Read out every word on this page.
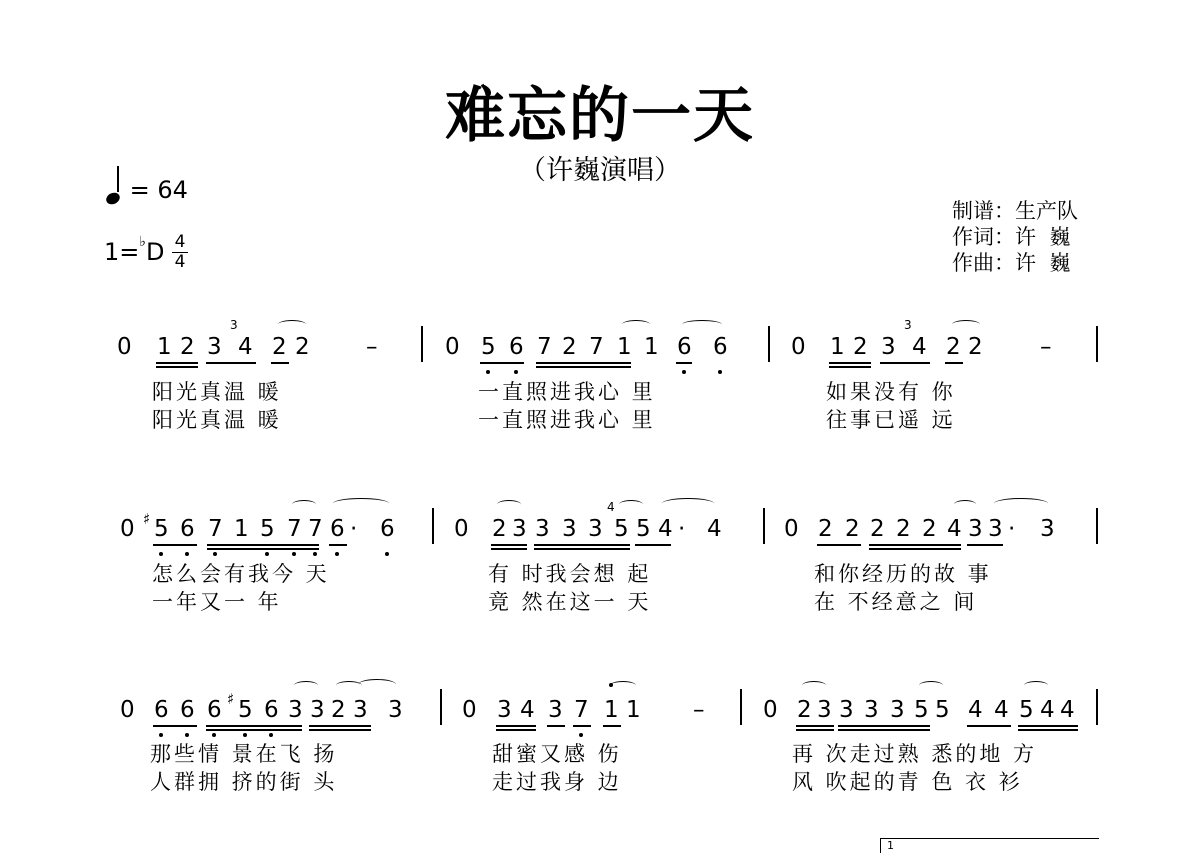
难忘的一天
（许巍演唱）
= 64
1=♭D 4
4
制谱：生产队
作词：许  巍
作曲：许  巍
0 1 2 3
3
4 2 2 –	0 5 6 7 2 7 1 1 6 6	0 1 2 3
3
4 2 2 –
阳光真温 暖	一直照进我心 里	如果没有 你
阳光真温 暖	一直照进我心 里	往事已遥 远
0 ♯ 5 6 7 1 5 7 7 6 · 6	0 2 3 3 3 3
4
5 5 4 · 4	0 2 2 2 2 2 4 3 3 · 3
怎么会有我今 天	有 时我会想 起	和你经历的故 事
一年又一 年	竟 然在这一 天	在 不经意之 间
0 6 6 6 ♯ 5 6 3 3 2 3 3	0 3 4 3 7 1 1 –	0 2 3 3 3 3 5 5 4 4 5 4 4
那些情 景在飞 扬	甜蜜又感 伤	再 次走过熟 悉的地 方
人群拥 挤的街 头	走过我身 边	风 吹起的青 色 衣 衫
1
